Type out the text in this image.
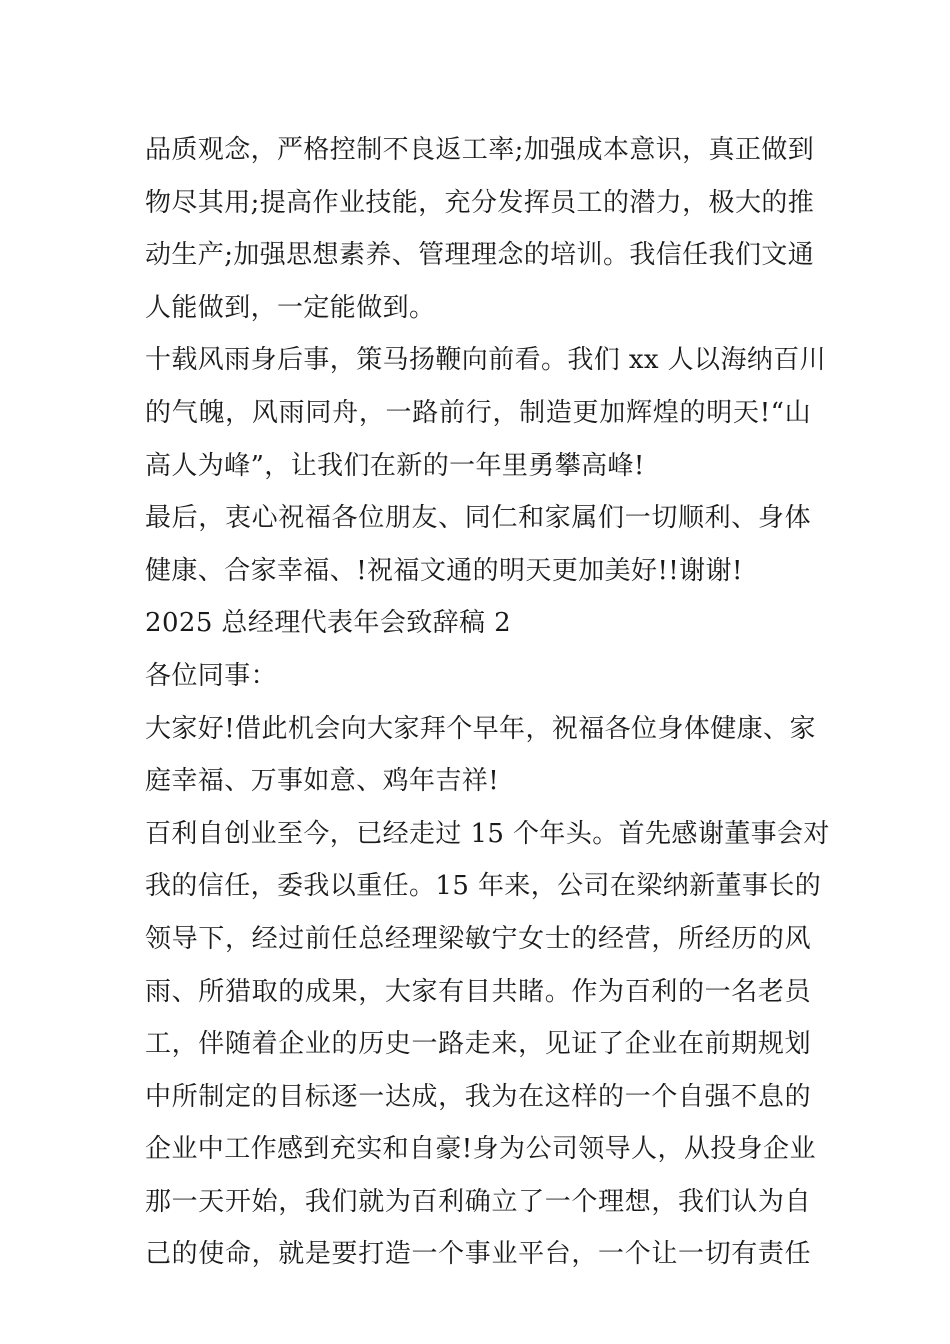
品质观念，严格控制不良返工率;加强成本意识，真正做到
物尽其用;提高作业技能，充分发挥员工的潜力，极大的推
动生产;加强思想素养、管理理念的培训。我信任我们文通
人能做到，一定能做到。
十载风雨身后事，策马扬鞭向前看。我们 xx 人以海纳百川
的气魄，风雨同舟，一路前行，制造更加辉煌的明天!“山
高人为峰”，让我们在新的一年里勇攀高峰!
最后，衷心祝福各位朋友、同仁和家属们一切顺利、身体
健康、合家幸福、!祝福文通的明天更加美好!!谢谢!
2025 总经理代表年会致辞稿 2
各位同事：
大家好!借此机会向大家拜个早年，祝福各位身体健康、家
庭幸福、万事如意、鸡年吉祥!
百利自创业至今，已经走过 15 个年头。首先感谢董事会对
我的信任，委我以重任。15 年来，公司在梁纳新董事长的
领导下，经过前任总经理梁敏宁女士的经营，所经历的风
雨、所猎取的成果，大家有目共睹。作为百利的一名老员
工，伴随着企业的历史一路走来，见证了企业在前期规划
中所制定的目标逐一达成，我为在这样的一个自强不息的
企业中工作感到充实和自豪!身为公司领导人，从投身企业
那一天开始，我们就为百利确立了一个理想，我们认为自
己的使命，就是要打造一个事业平台，一个让一切有责任
